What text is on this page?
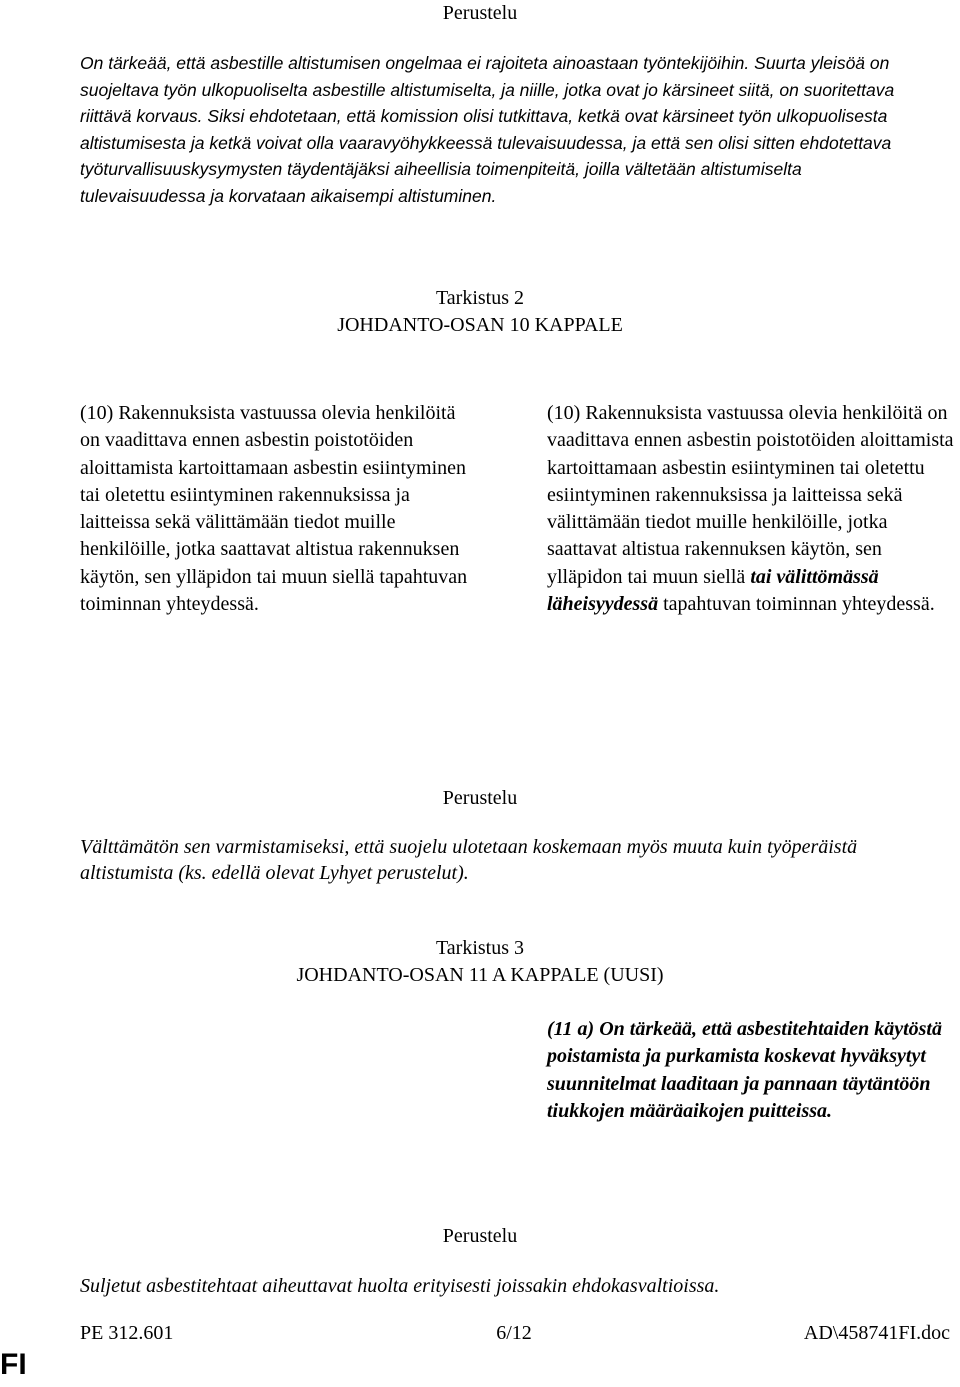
Perustelu
On tärkeää, että asbestille altistumisen ongelmaa ei rajoiteta ainoastaan työntekijöihin. Suurta yleisöä on suojeltava työn ulkopuoliselta asbestille altistumiselta, ja niille, jotka ovat jo kärsineet siitä, on suoritettava riittävä korvaus. Siksi ehdotetaan, että komission olisi tutkittava, ketkä ovat kärsineet työn ulkopuolisesta altistumisesta ja ketkä voivat olla vaaravyöhykkeessä tulevaisuudessa, ja että sen olisi sitten ehdotettava työturvallisuuskysymysten täydentäjäksi aiheellisia toimenpiteitä, joilla vältetään altistumiselta tulevaisuudessa ja korvataan aikaisempi altistuminen.
Tarkistus 2
JOHDANTO-OSAN 10 KAPPALE
(10) Rakennuksista vastuussa olevia henkilöitä on vaadittava ennen asbestin poistotöiden aloittamista kartoittamaan asbestin esiintyminen tai oletettu esiintyminen rakennuksissa ja laitteissa sekä välittämään tiedot muille henkilöille, jotka saattavat altistua rakennuksen käytön, sen ylläpidon tai muun siellä tapahtuvan toiminnan yhteydessä.
(10) Rakennuksista vastuussa olevia henkilöitä on vaadittava ennen asbestin poistotöiden aloittamista kartoittamaan asbestin esiintyminen tai oletettu esiintyminen rakennuksissa ja laitteissa sekä välittämään tiedot muille henkilöille, jotka saattavat altistua rakennuksen käytön, sen ylläpidon tai muun siellä tai välittömässä läheisyydessä tapahtuvan toiminnan yhteydessä.
Perustelu
Välttämätön sen varmistamiseksi, että suojelu ulotetaan koskemaan myös muuta kuin työperäistä altistumista (ks. edellä olevat Lyhyet perustelut).
Tarkistus 3
JOHDANTO-OSAN 11 A KAPPALE (UUSI)
(11 a) On tärkeää, että asbestitehtaiden käytöstä poistamista ja purkamista koskevat hyväksytyt suunnitelmat laaditaan ja pannaan täytäntöön tiukkojen määräaikojen puitteissa.
Perustelu
Suljetut asbestitehtaat aiheuttavat huolta erityisesti joissakin ehdokasvaltioissa.
PE 312.601	6/12	AD\458741FI.doc
FI
